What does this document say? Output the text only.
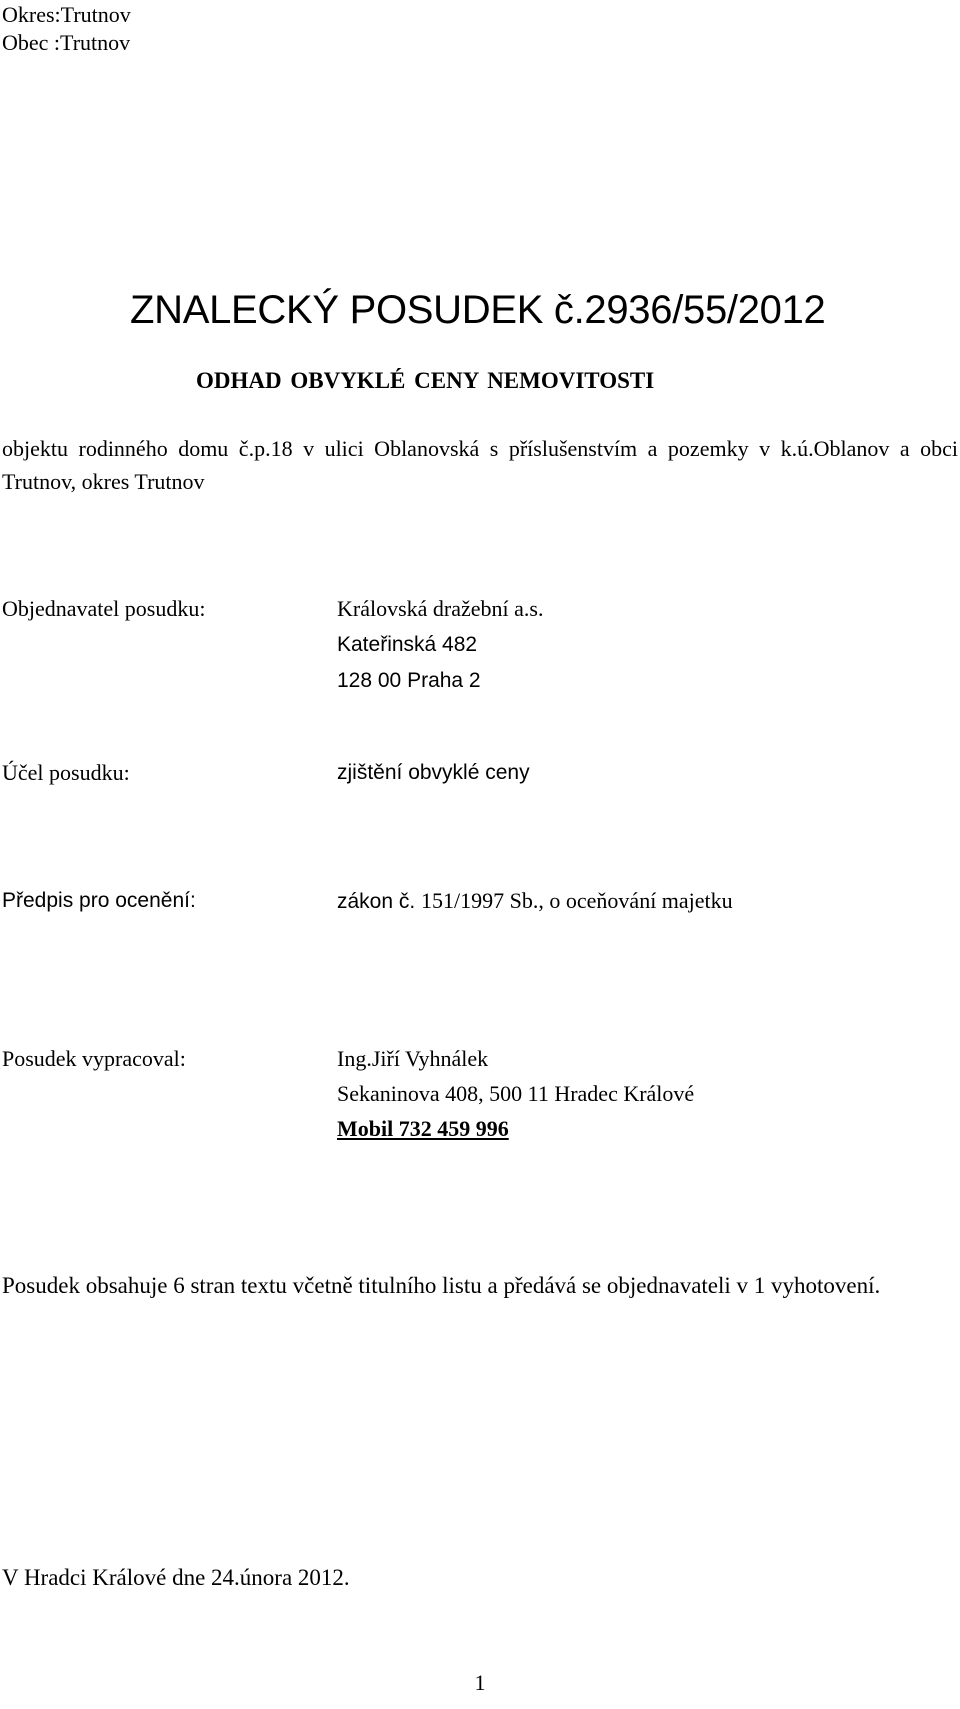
Okres:Trutnov
Obec :Trutnov
ZNALECKÝ POSUDEK č.2936/55/2012
ODHAD OBVYKLÉ CENY NEMOVITOSTI
objektu rodinného domu č.p.18 v ulici Oblanovská s příslušenstvím a pozemky v k.ú.Oblanov a obci Trutnov, okres Trutnov
Objednavatel posudku:	Královská dražební a.s.
Kateřinská 482
128 00 Praha 2
Účel posudku:	zjištění obvyklé ceny
Předpis pro ocenění:	zákon č. 151/1997 Sb., o oceňování majetku
Posudek vypracoval:	Ing.Jiří Vyhnálek
Sekaninova 408, 500 11 Hradec Králové
Mobil 732 459 996
Posudek obsahuje 6 stran textu včetně titulního listu a předává se objednavateli v 1 vyhotovení.
V Hradci Králové dne 24.února 2012.
1
